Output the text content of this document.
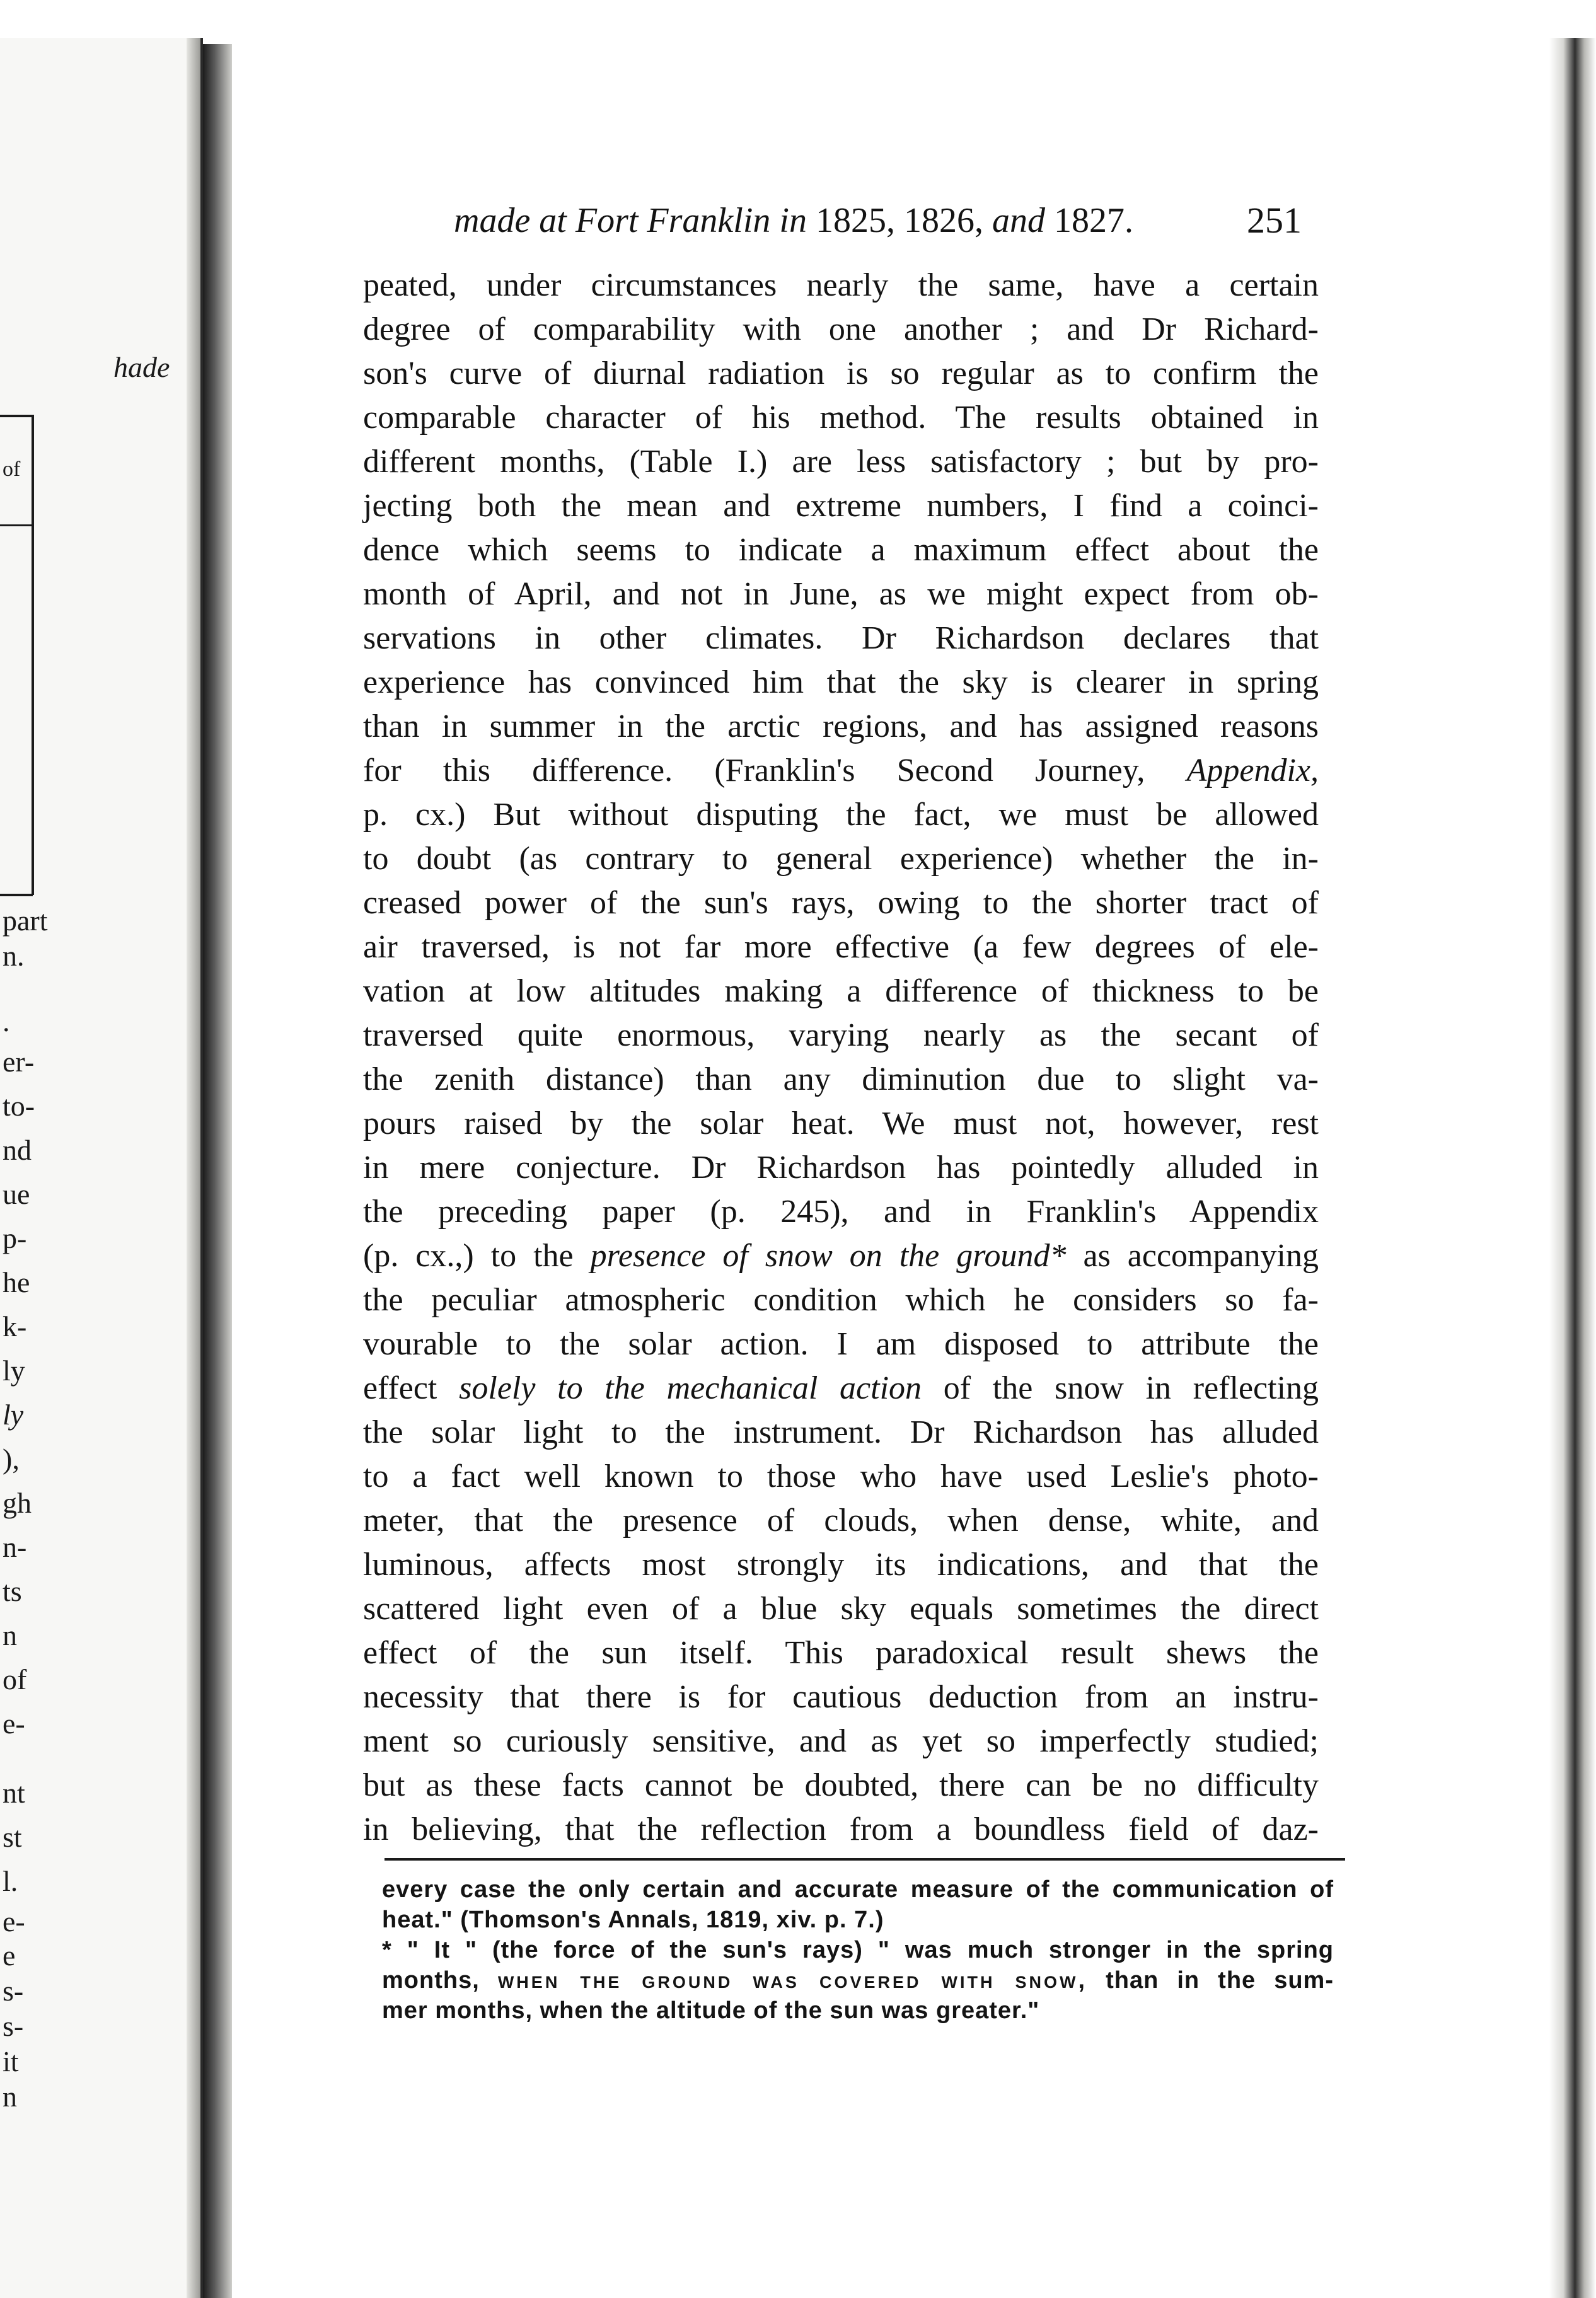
hade
of
part
n.
.
er-
to-
nd
ue
p-
he
k-
ly
ly
),
gh
n-
ts
n
of
e-
nt
st
l.
e-
e
s-
s-
it
n
made at Fort Franklin in 1825, 1826, and 1827.	251
peated, under circumstances nearly the same, have a certain
degree of comparability with one another ; and Dr Richard-
son's curve of diurnal radiation is so regular as to confirm the
comparable character of his method. The results obtained in
different months, (Table I.) are less satisfactory ; but by pro-
jecting both the mean and extreme numbers, I find a coinci-
dence which seems to indicate a maximum effect about the
month of April, and not in June, as we might expect from ob-
servations in other climates. Dr Richardson declares that
experience has convinced him that the sky is clearer in spring
than in summer in the arctic regions, and has assigned reasons
for this difference. (Franklin's Second Journey, Appendix,
p. cx.) But without disputing the fact, we must be allowed
to doubt (as contrary to general experience) whether the in-
creased power of the sun's rays, owing to the shorter tract of
air traversed, is not far more effective (a few degrees of ele-
vation at low altitudes making a difference of thickness to be
traversed quite enormous, varying nearly as the secant of
the zenith distance) than any diminution due to slight va-
pours raised by the solar heat. We must not, however, rest
in mere conjecture. Dr Richardson has pointedly alluded in
the preceding paper (p. 245), and in Franklin's Appendix
(p. cx.,) to the presence of snow on the ground* as accompanying
the peculiar atmospheric condition which he considers so fa-
vourable to the solar action. I am disposed to attribute the
effect solely to the mechanical action of the snow in reflecting
the solar light to the instrument. Dr Richardson has alluded
to a fact well known to those who have used Leslie's photo-
meter, that the presence of clouds, when dense, white, and
luminous, affects most strongly its indications, and that the
scattered light even of a blue sky equals sometimes the direct
effect of the sun itself. This paradoxical result shews the
necessity that there is for cautious deduction from an instru-
ment so curiously sensitive, and as yet so imperfectly studied;
but as these facts cannot be doubted, there can be no difficulty
in believing, that the reflection from a boundless field of daz-
every case the only certain and accurate measure of the communication of
heat." (Thomson's Annals, 1819, xiv. p. 7.)
* " It " (the force of the sun's rays) " was much stronger in the spring
months, when the ground was covered with snow, than in the sum-
mer months, when the altitude of the sun was greater."
